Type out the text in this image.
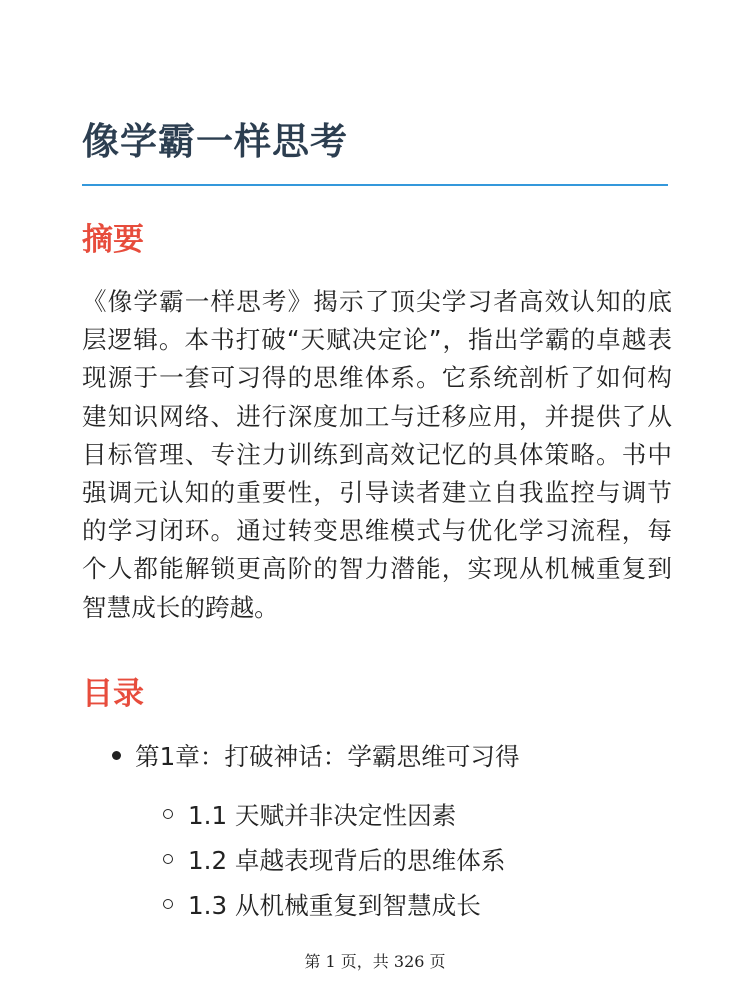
像学霸一样思考
摘要

《像学霸一样思考》揭示了顶尖学习者高效认知的底层逻辑。本书打破“天赋决定论”，指出学霸的卓越表现源于一套可习得的思维体系。它系统剖析了如何构建知识网络、进行深度加工与迁移应用，并提供了从目标管理、专注力训练到高效记忆的具体策略。书中强调元认知的重要性，引导读者建立自我监控与调节的学习闭环。通过转变思维模式与优化学习流程，每个人都能解锁更高阶的智力潜能，实现从机械重复到智慧成长的跨越。

目录
第1章：打破神话：学霸思维可习得
1.1 天赋并非决定性因素
1.2 卓越表现背后的思维体系
1.3 从机械重复到智慧成长
第 1 页，共 326 页
